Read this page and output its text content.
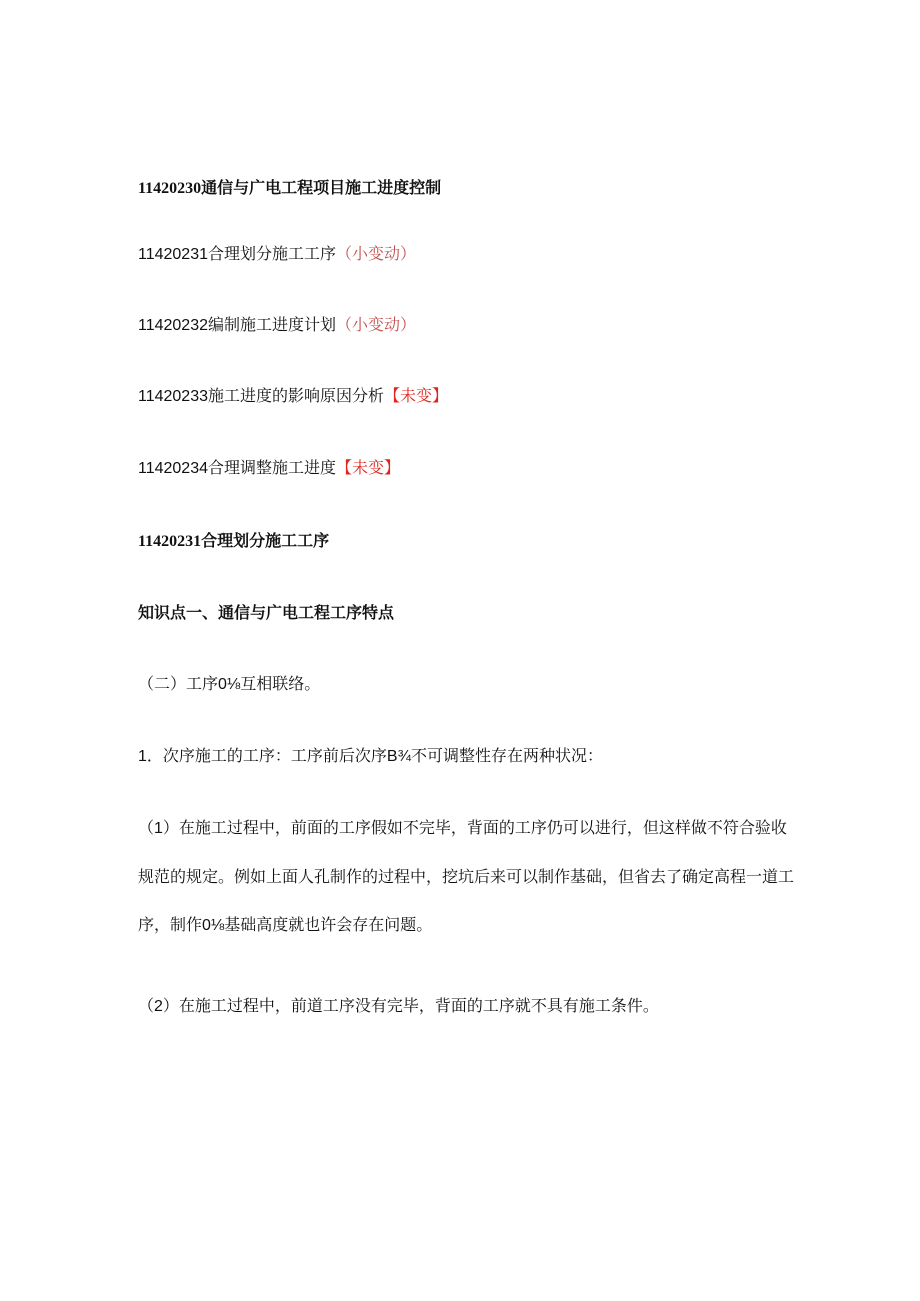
11420230通信与广电工程项目施工进度控制
11420231合理划分施工工序（小变动）
11420232编制施工进度计划（小变动）
11420233施工进度的影响原因分析【未变】
11420234合理调整施工进度【未变】
11420231合理划分施工工序
知识点一、通信与广电工程工序特点
（二）工序0⅛互相联络。
1．次序施工的工序：工序前后次序B¾不可调整性存在两种状况：
（1）在施工过程中，前面的工序假如不完毕，背面的工序仍可以进行，但这样做不符合验收规范的规定。例如上面人孔制作的过程中，挖坑后来可以制作基础，但省去了确定高程一道工序，制作0⅛基础高度就也许会存在问题。
（2）在施工过程中，前道工序没有完毕，背面的工序就不具有施工条件。
